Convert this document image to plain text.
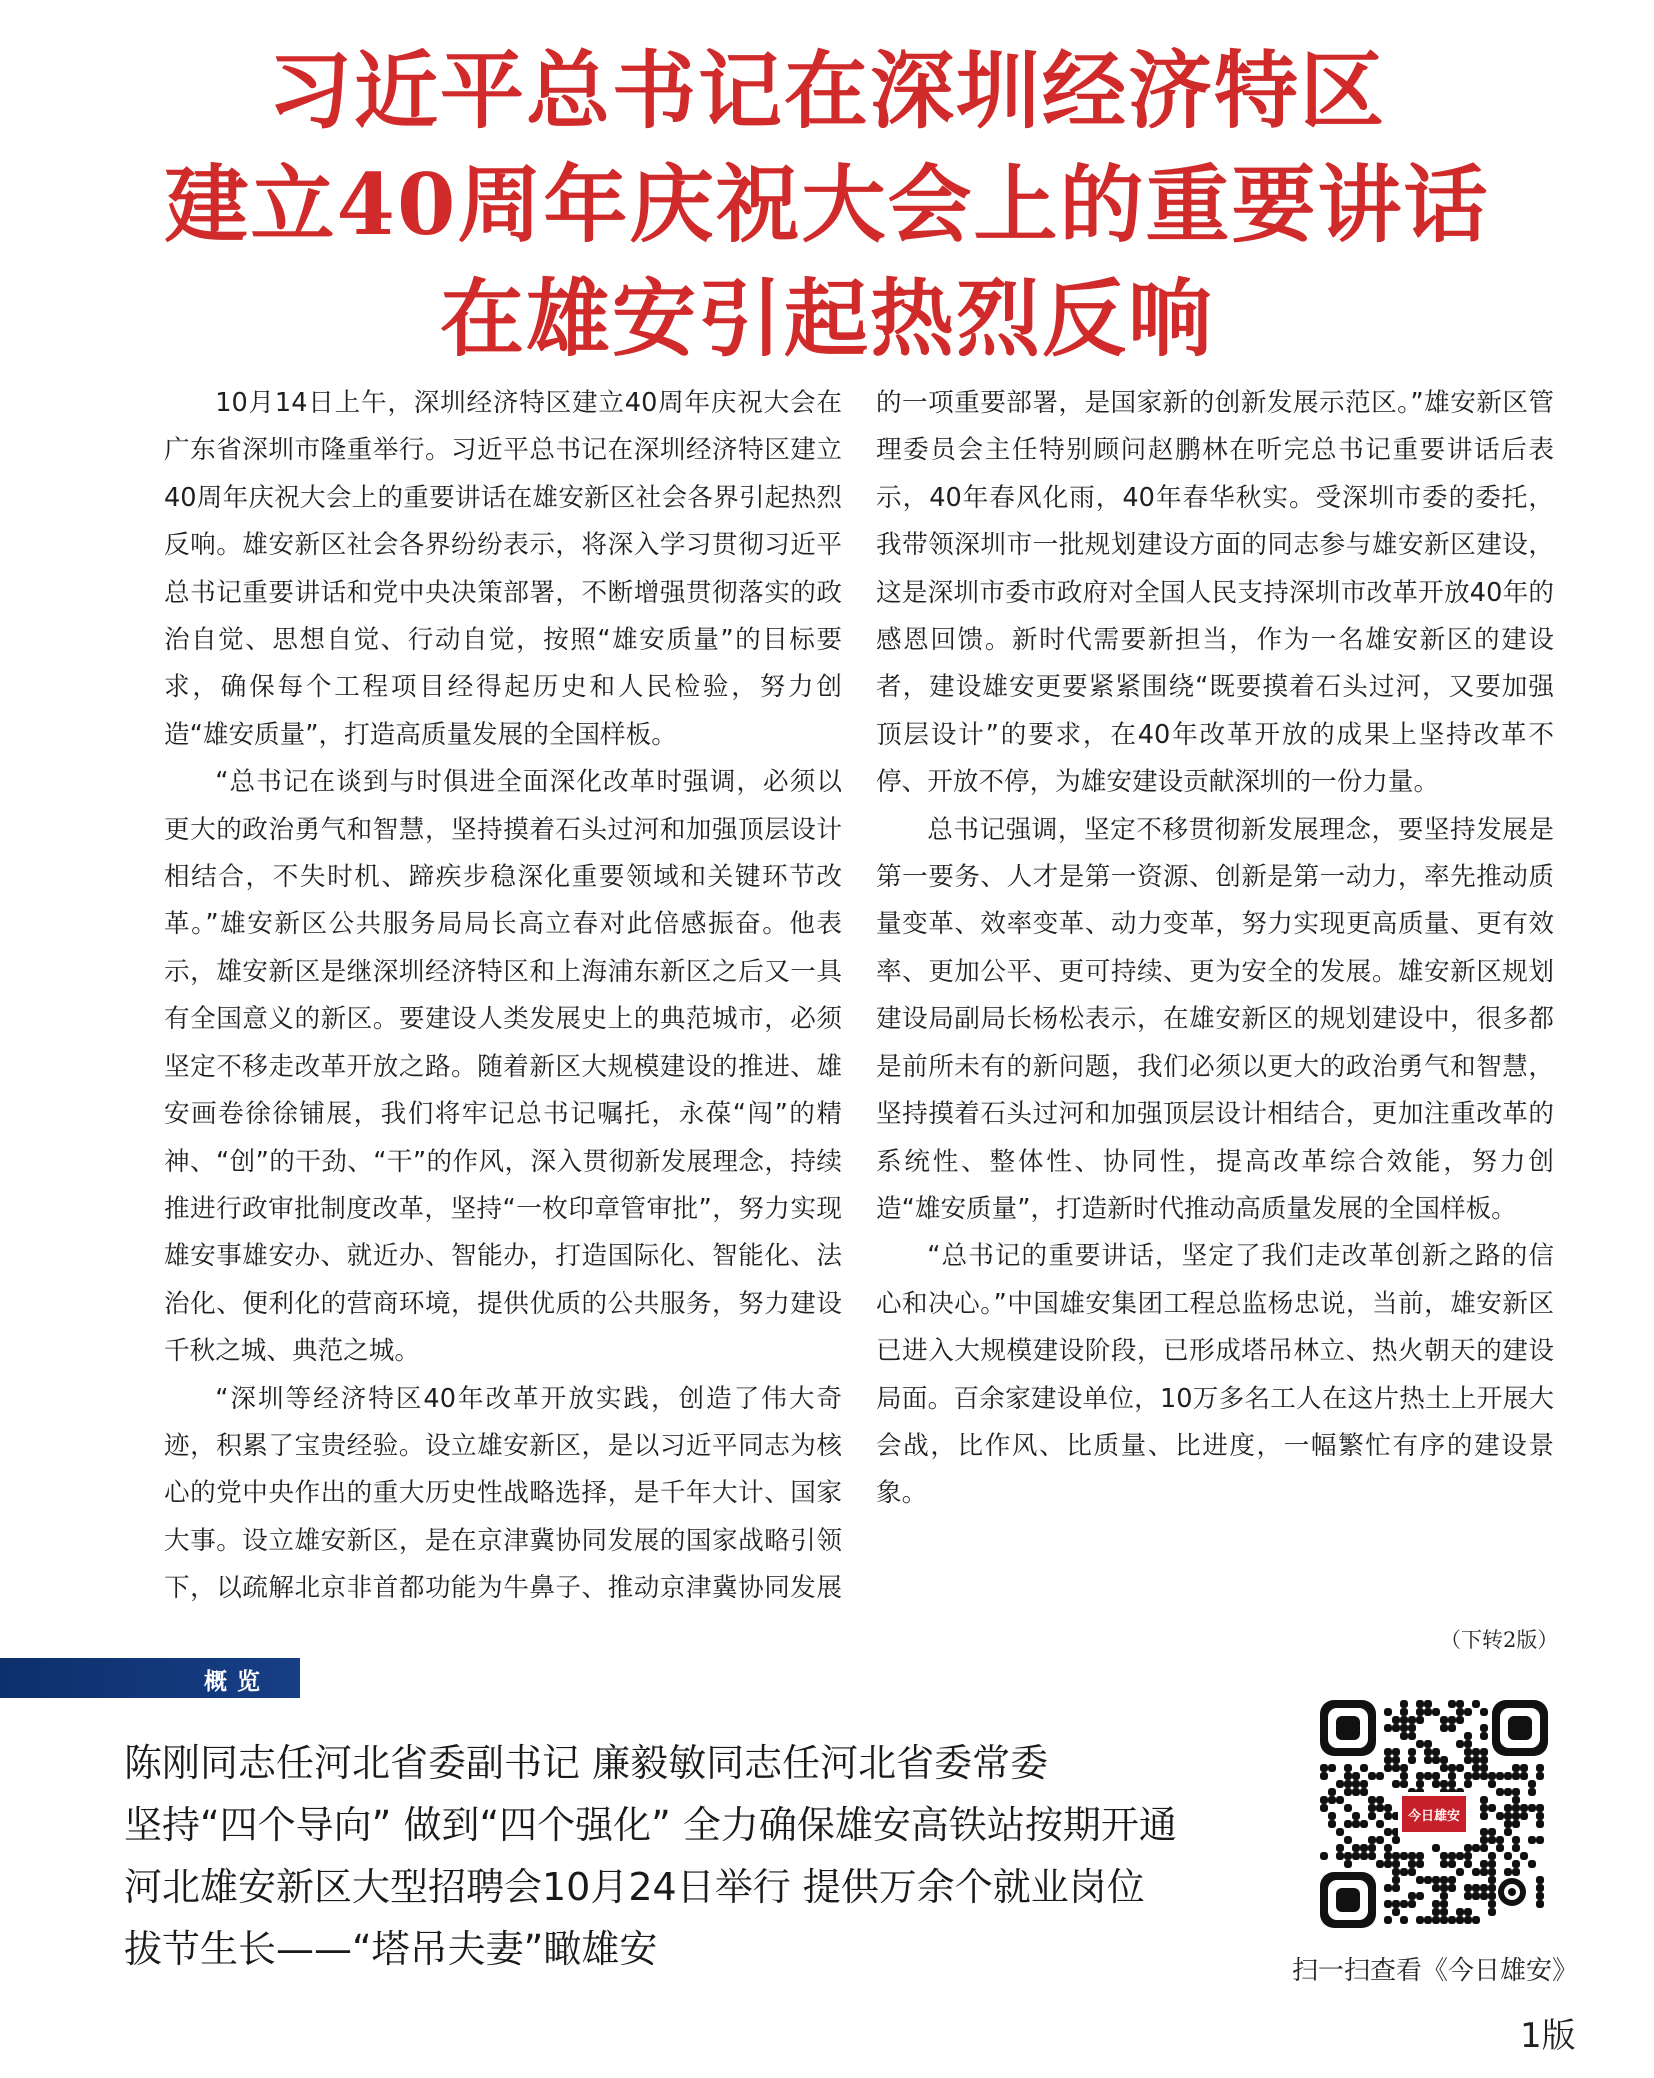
习近平总书记在深圳经济特区
建立40周年庆祝大会上的重要讲话
在雄安引起热烈反响

10月14日上午，深圳经济特区建立40周年庆祝大会在广东省深圳市隆重举行。习近平总书记在深圳经济特区建立40周年庆祝大会上的重要讲话在雄安新区社会各界引起热烈反响。雄安新区社会各界纷纷表示，将深入学习贯彻习近平总书记重要讲话和党中央决策部署，不断增强贯彻落实的政治自觉、思想自觉、行动自觉，按照“雄安质量”的目标要求，确保每个工程项目经得起历史和人民检验，努力创造“雄安质量”，打造高质量发展的全国样板。

“总书记在谈到与时俱进全面深化改革时强调，必须以更大的政治勇气和智慧，坚持摸着石头过河和加强顶层设计相结合，不失时机、蹄疾步稳深化重要领域和关键环节改革。”雄安新区公共服务局局长高立春对此倍感振奋。他表示，雄安新区是继深圳经济特区和上海浦东新区之后又一具有全国意义的新区。要建设人类发展史上的典范城市，必须坚定不移走改革开放之路。随着新区大规模建设的推进、雄安画卷徐徐铺展，我们将牢记总书记嘱托，永葆“闯”的精神、“创”的干劲、“干”的作风，深入贯彻新发展理念，持续推进行政审批制度改革，坚持“一枚印章管审批”，努力实现雄安事雄安办、就近办、智能办，打造国际化、智能化、法治化、便利化的营商环境，提供优质的公共服务，努力建设千秋之城、典范之城。

“深圳等经济特区40年改革开放实践，创造了伟大奇迹，积累了宝贵经验。设立雄安新区，是以习近平同志为核心的党中央作出的重大历史性战略选择，是千年大计、国家大事。设立雄安新区，是在京津冀协同发展的国家战略引领下，以疏解北京非首都功能为牛鼻子、推动京津冀协同发展的一项重要部署，是国家新的创新发展示范区。”雄安新区管理委员会主任特别顾问赵鹏林在听完总书记重要讲话后表示，40年春风化雨，40年春华秋实。受深圳市委的委托，我带领深圳市一批规划建设方面的同志参与雄安新区建设，这是深圳市委市政府对全国人民支持深圳市改革开放40年的感恩回馈。新时代需要新担当，作为一名雄安新区的建设者，建设雄安更要紧紧围绕“既要摸着石头过河，又要加强顶层设计”的要求，在40年改革开放的成果上坚持改革不停、开放不停，为雄安建设贡献深圳的一份力量。

总书记强调，坚定不移贯彻新发展理念，要坚持发展是第一要务、人才是第一资源、创新是第一动力，率先推动质量变革、效率变革、动力变革，努力实现更高质量、更有效率、更加公平、更可持续、更为安全的发展。雄安新区规划建设局副局长杨松表示，在雄安新区的规划建设中，很多都是前所未有的新问题，我们必须以更大的政治勇气和智慧，坚持摸着石头过河和加强顶层设计相结合，更加注重改革的系统性、整体性、协同性，提高改革综合效能，努力创造“雄安质量”，打造新时代推动高质量发展的全国样板。

“总书记的重要讲话，坚定了我们走改革创新之路的信心和决心。”中国雄安集团工程总监杨忠说，当前，雄安新区已进入大规模建设阶段，已形成塔吊林立、热火朝天的建设局面。百余家建设单位，10万多名工人在这片热土上开展大会战，比作风、比质量、比进度，一幅繁忙有序的建设景象。

（下转2版）
概览
陈刚同志任河北省委副书记 廉毅敏同志任河北省委常委
坚持“四个导向” 做到“四个强化” 全力确保雄安高铁站按期开通
河北雄安新区大型招聘会10月24日举行 提供万余个就业岗位
拔节生长——“塔吊夫妻”瞰雄安
今日雄安
扫一扫查看《今日雄安》
1版
